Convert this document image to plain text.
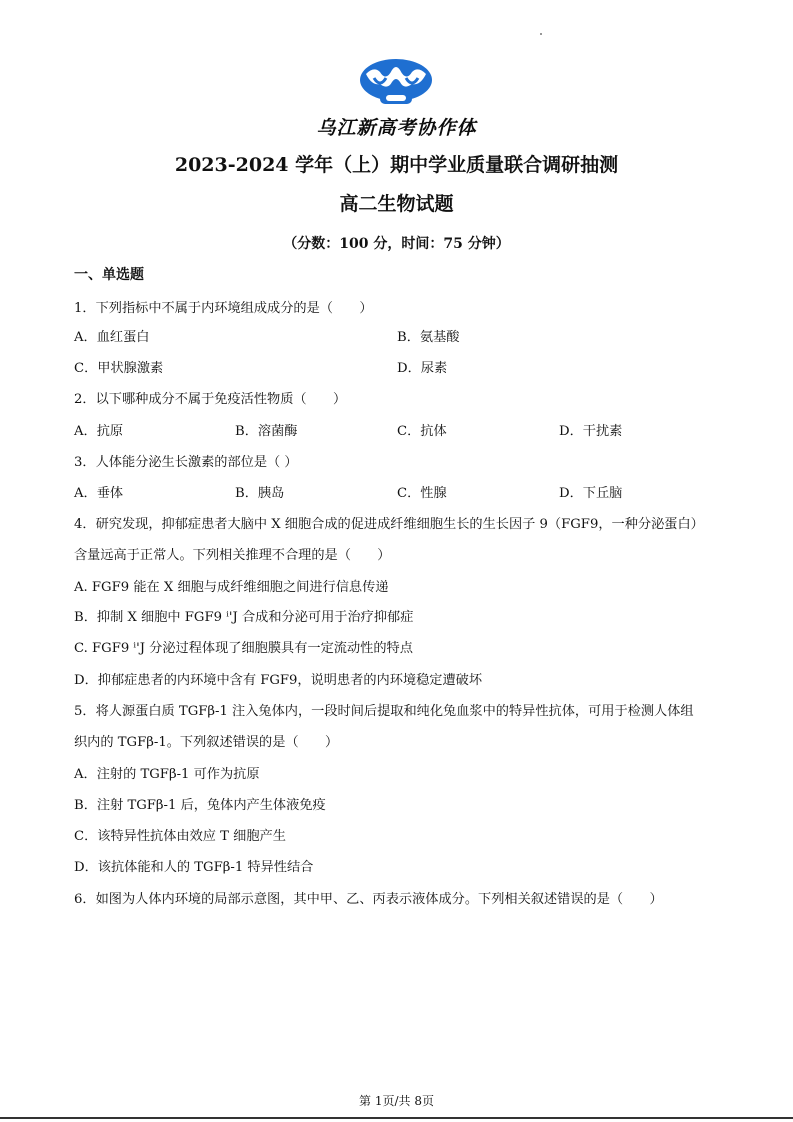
乌江新高考协作体
2023-2024 学年（上）期中学业质量联合调研抽测
高二生物试题
（分数：100 分，时间：75 分钟）
一、单选题
1．下列指标中不属于内环境组成成分的是（　　）
A．血红蛋白	B．氨基酸
C．甲状腺激素	D．尿素
2．以下哪种成分不属于免疫活性物质（　　）
A．抗原	B．溶菌酶	C．抗体	D．干扰素
3．人体能分泌生长激素的部位是（ ）
A．垂体	B．胰岛	C．性腺	D．下丘脑
4．研究发现，抑郁症患者大脑中 X 细胞合成的促进成纤维细胞生长的生长因子 9（FGF9，一种分泌蛋白）
含量远高于正常人。下列相关推理不合理的是（　　）
A. FGF9 能在 X 细胞与成纤维细胞之间进行信息传递
B．抑制 X 细胞中 FGF9 ⁱ'J 合成和分泌可用于治疗抑郁症
C. FGF9 ⁱ'J 分泌过程体现了细胞膜具有一定流动性的特点
D．抑郁症患者的内环境中含有 FGF9，说明患者的内环境稳定遭破坏
5．将人源蛋白质 TGFβ-1 注入兔体内，一段时间后提取和纯化兔血浆中的特异性抗体，可用于检测人体组
织内的 TGFβ-1。下列叙述错误的是（　　）
A．注射的 TGFβ-1 可作为抗原
B．注射 TGFβ-1 后，兔体内产生体液免疫
C．该特异性抗体由效应 T 细胞产生
D．该抗体能和人的 TGFβ-1 特异性结合
6．如图为人体内环境的局部示意图，其中甲、乙、丙表示液体成分。下列相关叙述错误的是（　　）
第 1页/共 8页
